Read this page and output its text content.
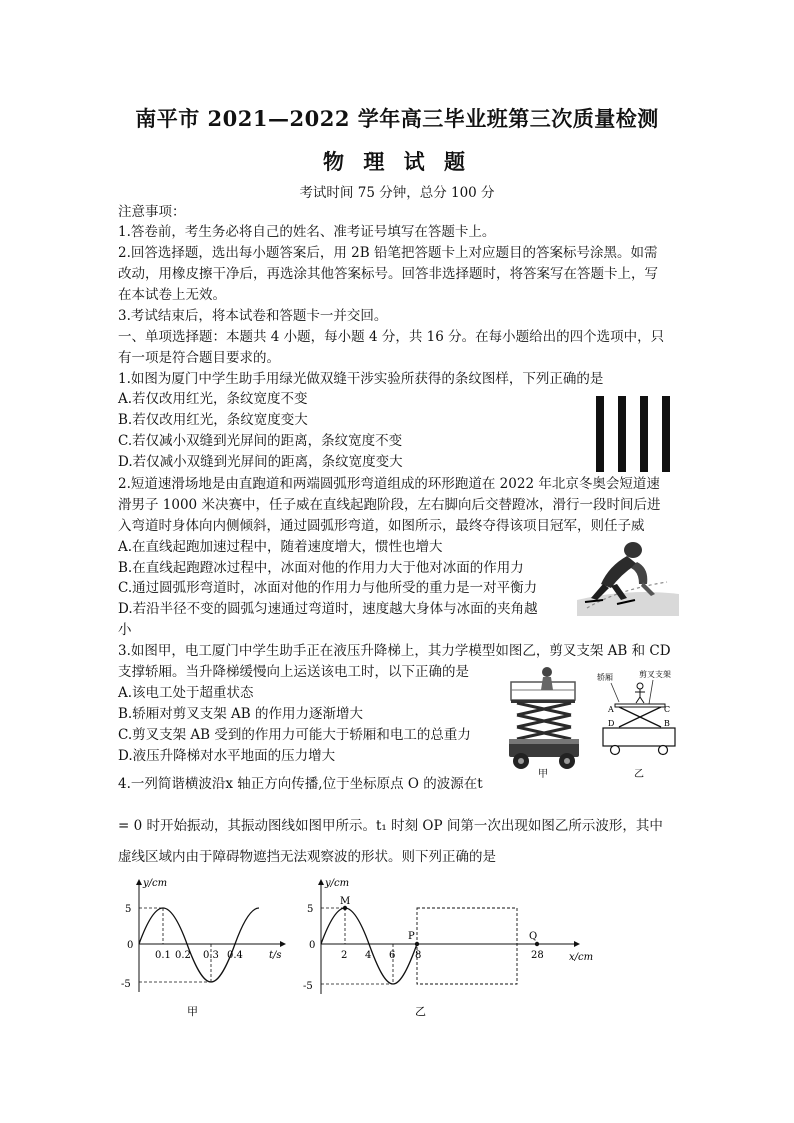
南平市 2021—2022 学年高三毕业班第三次质量检测
物 理 试 题
考试时间 75 分钟，总分 100 分
注意事项：
1.答卷前，考生务必将自己的姓名、准考证号填写在答题卡上。
2.回答选择题，选出每小题答案后，用 2B 铅笔把答题卡上对应题目的答案标号涂黑。如需
改动，用橡皮擦干净后，再选涂其他答案标号。回答非选择题时，将答案写在答题卡上，写
在本试卷上无效。
3.考试结束后，将本试卷和答题卡一并交回。
一、单项选择题：本题共 4 小题，每小题 4 分，共 16 分。在每小题给出的四个选项中，只
有一项是符合题目要求的。
1.如图为厦门中学生助手用绿光做双缝干涉实验所获得的条纹图样，下列正确的是
A.若仅改用红光，条纹宽度不变
B.若仅改用红光，条纹宽度变大
C.若仅减小双缝到光屏间的距离，条纹宽度不变
D.若仅减小双缝到光屏间的距离，条纹宽度变大
2.短道速滑场地是由直跑道和两端圆弧形弯道组成的环形跑道在 2022 年北京冬奥会短道速
滑男子 1000 米决赛中，任子威在直线起跑阶段，左右脚向后交替蹬冰，滑行一段时间后进
入弯道时身体向内侧倾斜，通过圆弧形弯道，如图所示，最终夺得该项目冠军，则任子威
A.在直线起跑加速过程中，随着速度增大，惯性也增大
B.在直线起跑蹬冰过程中，冰面对他的作用力大于他对冰面的作用力
C.通过圆弧形弯道时，冰面对他的作用力与他所受的重力是一对平衡力
D.若沿半径不变的圆弧匀速通过弯道时，速度越大身体与冰面的夹角越
小
3.如图甲，电工厦门中学生助手正在液压升降梯上，其力学模型如图乙，剪叉支架 AB 和 CD
支撑轿厢。当升降梯缓慢向上运送该电工时，以下正确的是
A.该电工处于超重状态
B.轿厢对剪叉支架 AB 的作用力逐渐增大
C.剪叉支架 AB 受到的作用力可能大于轿厢和电工的总重力
D.液压升降梯对水平地面的压力增大
甲
轿厢	剪叉支架
A	C
D	B
乙
4.一列简谐横波沿x 轴正方向传播,位于坐标原点 O 的波源在t
= 0 时开始振动，其振动图线如图甲所示。t₁ 时刻 OP 间第一次出现如图乙所示波形，其中
虚线区域内由于障碍物遮挡无法观察波的形状。则下列正确的是
y/cm
t/s
5
0
-5
0.1 0.2 0.3 0.4
甲
y/cm
x/cm
5
0
-5
M
P	Q
2 4 6 8	28
乙
